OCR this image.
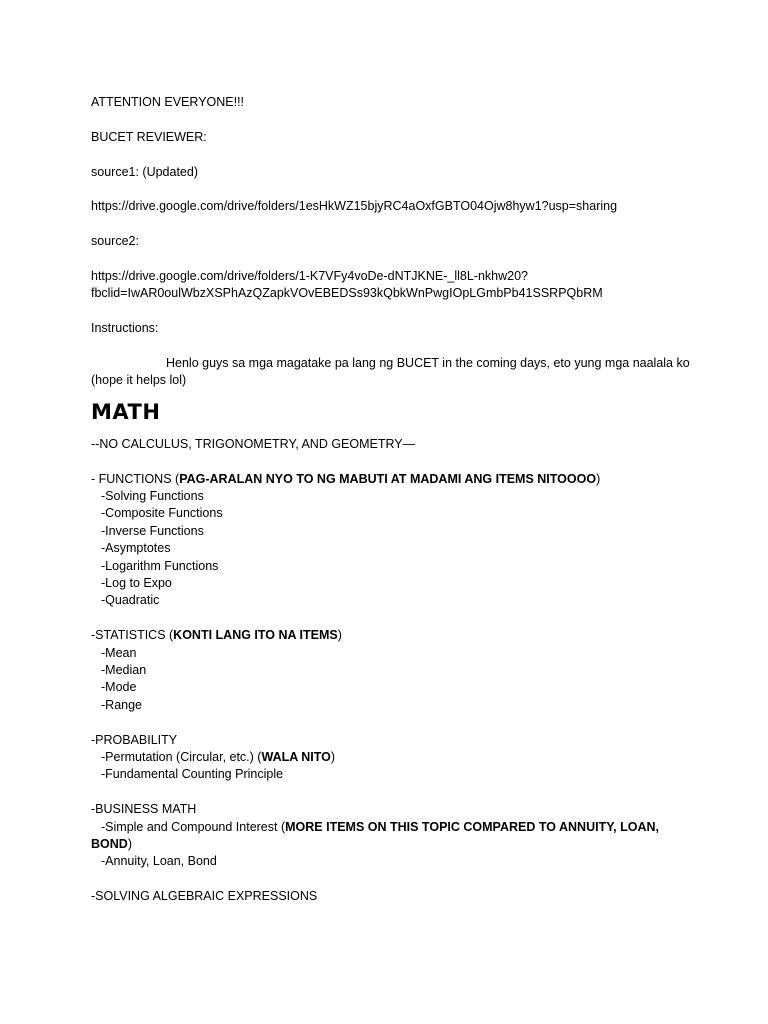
ATTENTION EVERYONE!!!
BUCET REVIEWER:
source1: (Updated)
https://drive.google.com/drive/folders/1esHkWZ15bjyRC4aOxfGBTO04Ojw8hyw1?usp=sharing
source2:
https://drive.google.com/drive/folders/1-K7VFy4voDe-dNTJKNE-_ll8L-nkhw20?
fbclid=IwAR0oulWbzXSPhAzQZapkVOvEBEDSs93kQbkWnPwgIOpLGmbPb41SSRPQbRM
Instructions:
Henlo guys sa mga magatake pa lang ng BUCET in the coming days, eto yung mga naalala ko
(hope it helps lol)
MATH
--NO CALCULUS, TRIGONOMETRY, AND GEOMETRY—
- FUNCTIONS (PAG-ARALAN NYO TO NG MABUTI AT MADAMI ANG ITEMS NITOOOO)
-Solving Functions
-Composite Functions
-Inverse Functions
-Asymptotes
-Logarithm Functions
-Log to Expo
-Quadratic
-STATISTICS (KONTI LANG ITO NA ITEMS)
-Mean
-Median
-Mode
-Range
-PROBABILITY
-Permutation (Circular, etc.) (WALA NITO)
-Fundamental Counting Principle
-BUSINESS MATH
-Simple and Compound Interest (MORE ITEMS ON THIS TOPIC COMPARED TO ANNUITY, LOAN,
BOND)
-Annuity, Loan, Bond
-SOLVING ALGEBRAIC EXPRESSIONS
